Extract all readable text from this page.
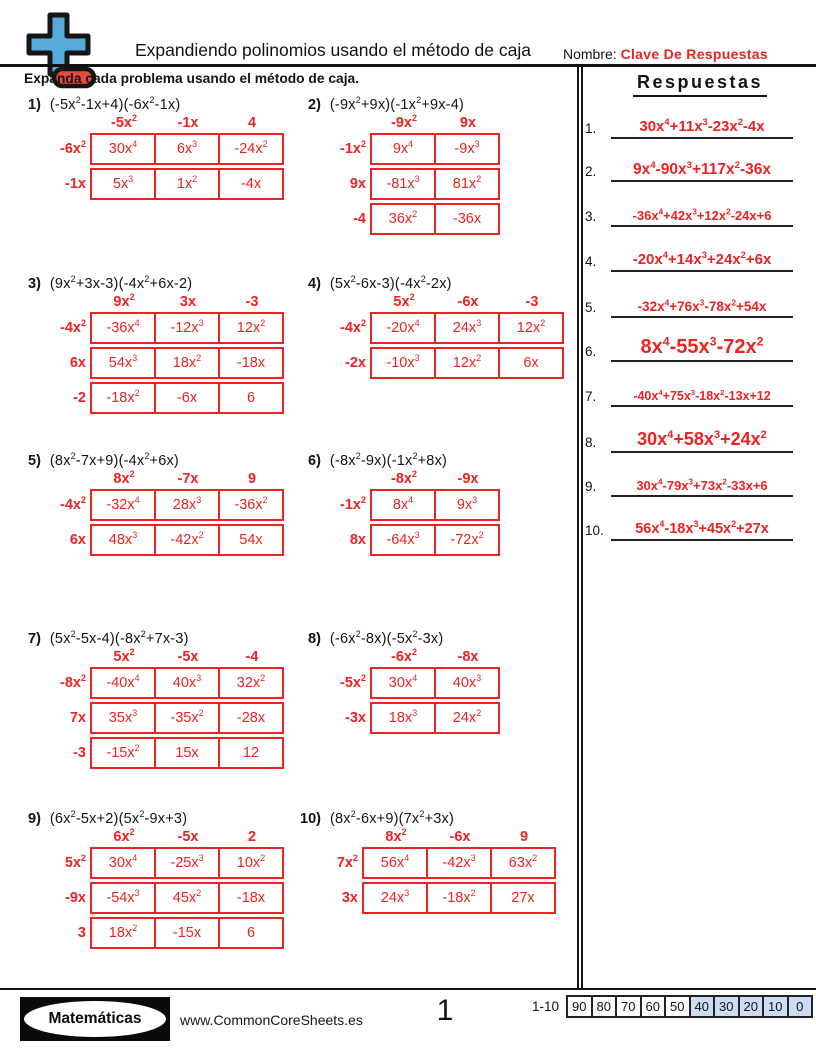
Expandiendo polinomios usando el método de caja	Nombre: Clave De Respuestas
Expanda cada problema usando el método de caja.	Respuestas
1.	$30x^4+11x^3-23x^2-4x$
2.	$9x^4-90x^3+117x^2-36x$
3.	$-36x^4+42x^3+12x^2-24x+6$
4.	$-20x^4+14x^3+24x^2+6x$
5.	$-32x^4+76x^3-78x^2+54x$
6.	$8x^4-55x^3-72x^2$
7.	$-40x^4+75x^3-18x^2-13x+12$
8.	$30x^4+58x^3+24x^2$
9.	$30x^4-79x^3+73x^2-33x+6$
10.	$56x^4-18x^3+45x^2+27x$
1) $(-5x^2-1x+4)(-6x^2-1x)$
$-5x^2$	-1x	4
$-6x^2$	$30x^4$	$6x^3$	$-24x^2$
-1x	$5x^3$	$1x^2$	-4x
2) $(-9x^2+9x)(-1x^2+9x-4)$
$-9x^2$	9x
$-1x^2$	$9x^4$	$-9x^3$
9x	$-81x^3$	$81x^2$
-4	$36x^2$	-36x
3) $(9x^2+3x-3)(-4x^2+6x-2)$
$9x^2$	3x	-3
$-4x^2$	$-36x^4$	$-12x^3$	$12x^2$
6x	$54x^3$	$18x^2$	-18x
-2	$-18x^2$	-6x	6
4) $(5x^2-6x-3)(-4x^2-2x)$
$5x^2$	-6x	-3
$-4x^2$	$-20x^4$	$24x^3$	$12x^2$
-2x	$-10x^3$	$12x^2$	6x
5) $(8x^2-7x+9)(-4x^2+6x)$
$8x^2$	-7x	9
$-4x^2$	$-32x^4$	$28x^3$	$-36x^2$
6x	$48x^3$	$-42x^2$	54x
6) $(-8x^2-9x)(-1x^2+8x)$
$-8x^2$	-9x
$-1x^2$	$8x^4$	$9x^3$
8x	$-64x^3$	$-72x^2$
7) $(5x^2-5x-4)(-8x^2+7x-3)$
$5x^2$	-5x	-4
$-8x^2$	$-40x^4$	$40x^3$	$32x^2$
7x	$35x^3$	$-35x^2$	-28x
-3	$-15x^2$	15x	12
8) $(-6x^2-8x)(-5x^2-3x)$
$-6x^2$	-8x
$-5x^2$	$30x^4$	$40x^3$
-3x	$18x^3$	$24x^2$
9) $(6x^2-5x+2)(5x^2-9x+3)$
$6x^2$	-5x	2
$5x^2$	$30x^4$	$-25x^3$	$10x^2$
-9x	$-54x^3$	$45x^2$	-18x
3	$18x^2$	-15x	6
10) $(8x^2-6x+9)(7x^2+3x)$
$8x^2$	-6x	9
$7x^2$	$56x^4$	$-42x^3$	$63x^2$
3x	$24x^3$	$-18x^2$	27x
Matemáticas	www.CommonCoreSheets.es	1	1-10	90 80 70 60 50 40 30 20 10	0
